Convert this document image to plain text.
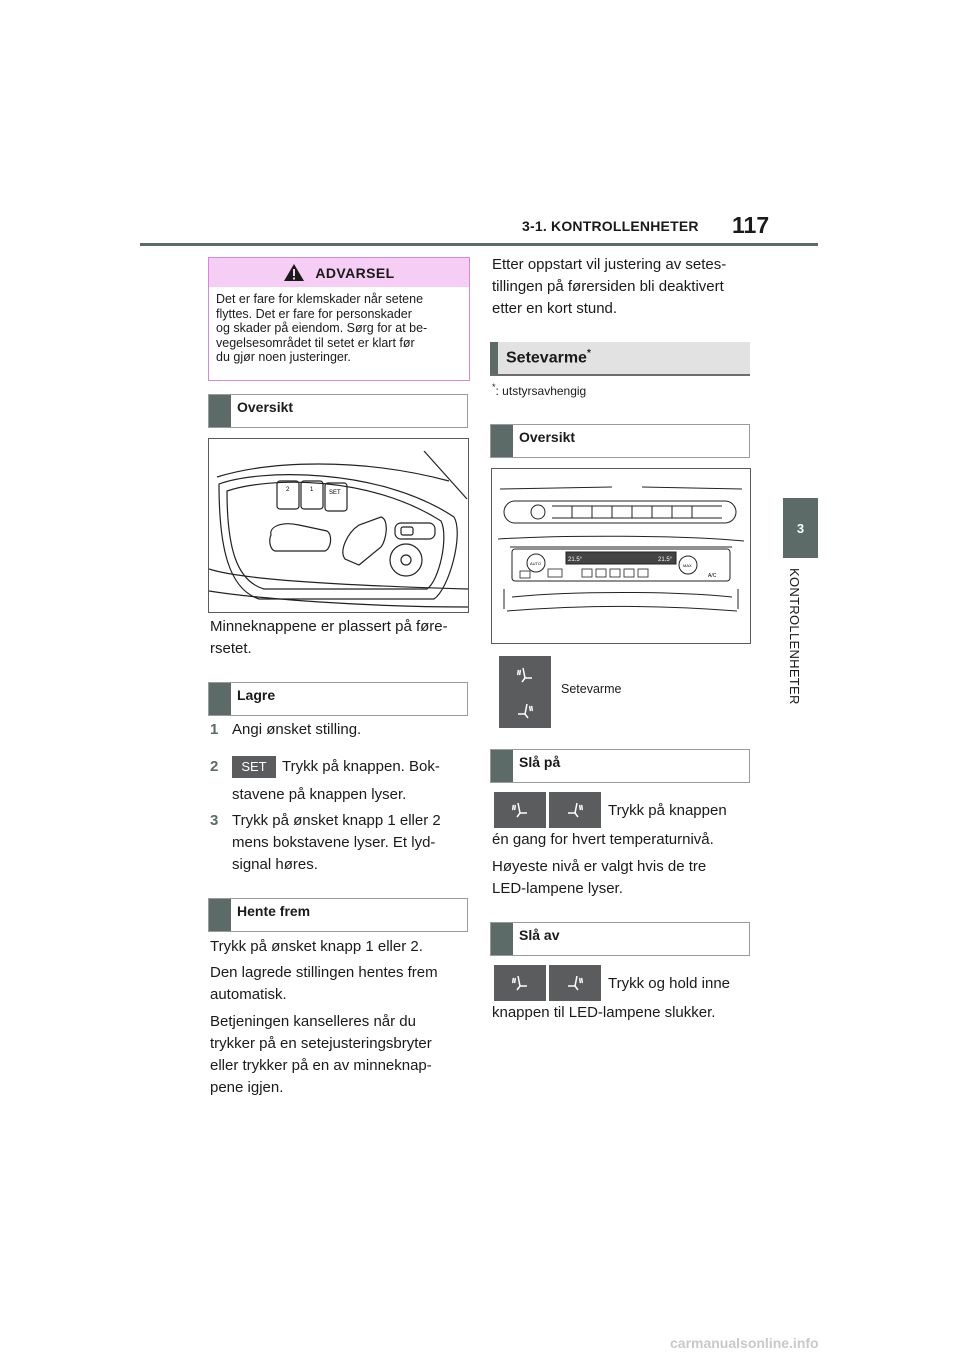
3-1. KONTROLLENHETER 117
3
KONTROLLENHETER
ADVARSEL
Det er fare for klemskader når setene
flyttes. Det er fare for personskader
og skader på eiendom. Sørg for at be-
vegelsesområdet til setet er klart før
du gjør noen justeringer.
Oversikt
2	1	SET
Minneknappene er plassert på føre-
rsetet.
Lagre
1 Angi ønsket stilling.
2	SET	Trykk på knappen. Bok-
stavene på knappen lyser.
3 Trykk på ønsket knapp 1 eller 2
mens bokstavene lyser. Et lyd-
signal høres.
Hente frem
Trykk på ønsket knapp 1 eller 2.
Den lagrede stillingen hentes frem
automatisk.
Betjeningen kanselleres når du
trykker på en setejusteringsbryter
eller trykker på en av minneknap-
pene igjen.
Etter oppstart vil justering av setes-
tillingen på førersiden bli deaktivert
etter en kort stund.
Setevarme*
*: utstyrsavhengig
Oversikt
21.5°	21.5°
AUTO	MAX
A/C
Setevarme
Slå på
Trykk på knappen
én gang for hvert temperaturnivå.
Høyeste nivå er valgt hvis de tre
LED-lampene lyser.
Slå av
Trykk og hold inne
knappen til LED-lampene slukker.
carmanualsonline.info
